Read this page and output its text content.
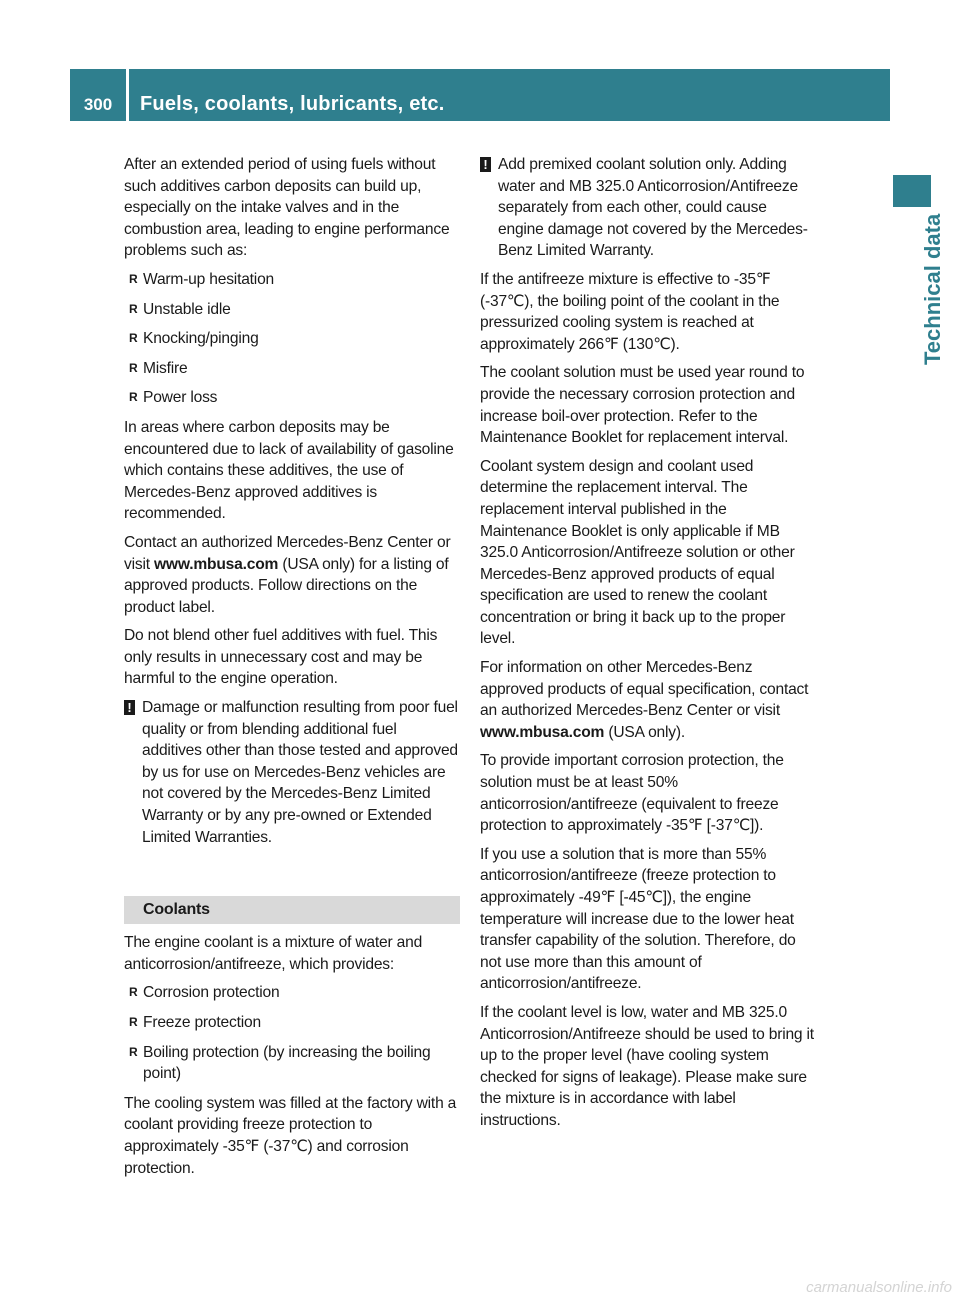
300	Fuels, coolants, lubricants, etc.
Technical data

After an extended period of using fuels without such additives carbon deposits can build up, especially on the intake valves and in the combustion area, leading to engine performance problems such as:

R Warm-up hesitation
R Unstable idle
R Knocking/pinging
R Misfire
R Power loss

In areas where carbon deposits may be encountered due to lack of availability of gasoline which contains these additives, the use of Mercedes-Benz approved additives is recommended.

Contact an authorized Mercedes-Benz Center or visit www.mbusa.com (USA only) for a listing of approved products. Follow directions on the product label.

Do not blend other fuel additives with fuel. This only results in unnecessary cost and may be harmful to the engine operation.

! Damage or malfunction resulting from poor fuel quality or from blending additional fuel additives other than those tested and approved by us for use on Mercedes-Benz vehicles are not covered by the Mercedes-Benz Limited Warranty or by any pre-owned or Extended Limited Warranties.
Coolants

The engine coolant is a mixture of water and anticorrosion/antifreeze, which provides:

R Corrosion protection
R Freeze protection
R Boiling protection (by increasing the boiling point)

The cooling system was filled at the factory with a coolant providing freeze protection to approximately -35℉ (-37℃) and corrosion protection.

! Add premixed coolant solution only. Adding water and MB 325.0 Anticorrosion/Antifreeze separately from each other, could cause engine damage not covered by the Mercedes-Benz Limited Warranty.

If the antifreeze mixture is effective to -35℉ (-37℃), the boiling point of the coolant in the pressurized cooling system is reached at approximately 266℉ (130℃).

The coolant solution must be used year round to provide the necessary corrosion protection and increase boil-over protection. Refer to the Maintenance Booklet for replacement interval.

Coolant system design and coolant used determine the replacement interval. The replacement interval published in the Maintenance Booklet is only applicable if MB 325.0 Anticorrosion/Antifreeze solution or other Mercedes-Benz approved products of equal specification are used to renew the coolant concentration or bring it back up to the proper level.

For information on other Mercedes-Benz approved products of equal specification, contact an authorized Mercedes-Benz Center or visit www.mbusa.com (USA only).

To provide important corrosion protection, the solution must be at least 50% anticorrosion/antifreeze (equivalent to freeze protection to approximately -35℉ [-37℃]).

If you use a solution that is more than 55% anticorrosion/antifreeze (freeze protection to approximately -49℉ [-45℃]), the engine temperature will increase due to the lower heat transfer capability of the solution. Therefore, do not use more than this amount of anticorrosion/antifreeze.

If the coolant level is low, water and MB 325.0 Anticorrosion/Antifreeze should be used to bring it up to the proper level (have cooling system checked for signs of leakage). Please make sure the mixture is in accordance with label instructions.

carmanualsonline.info
